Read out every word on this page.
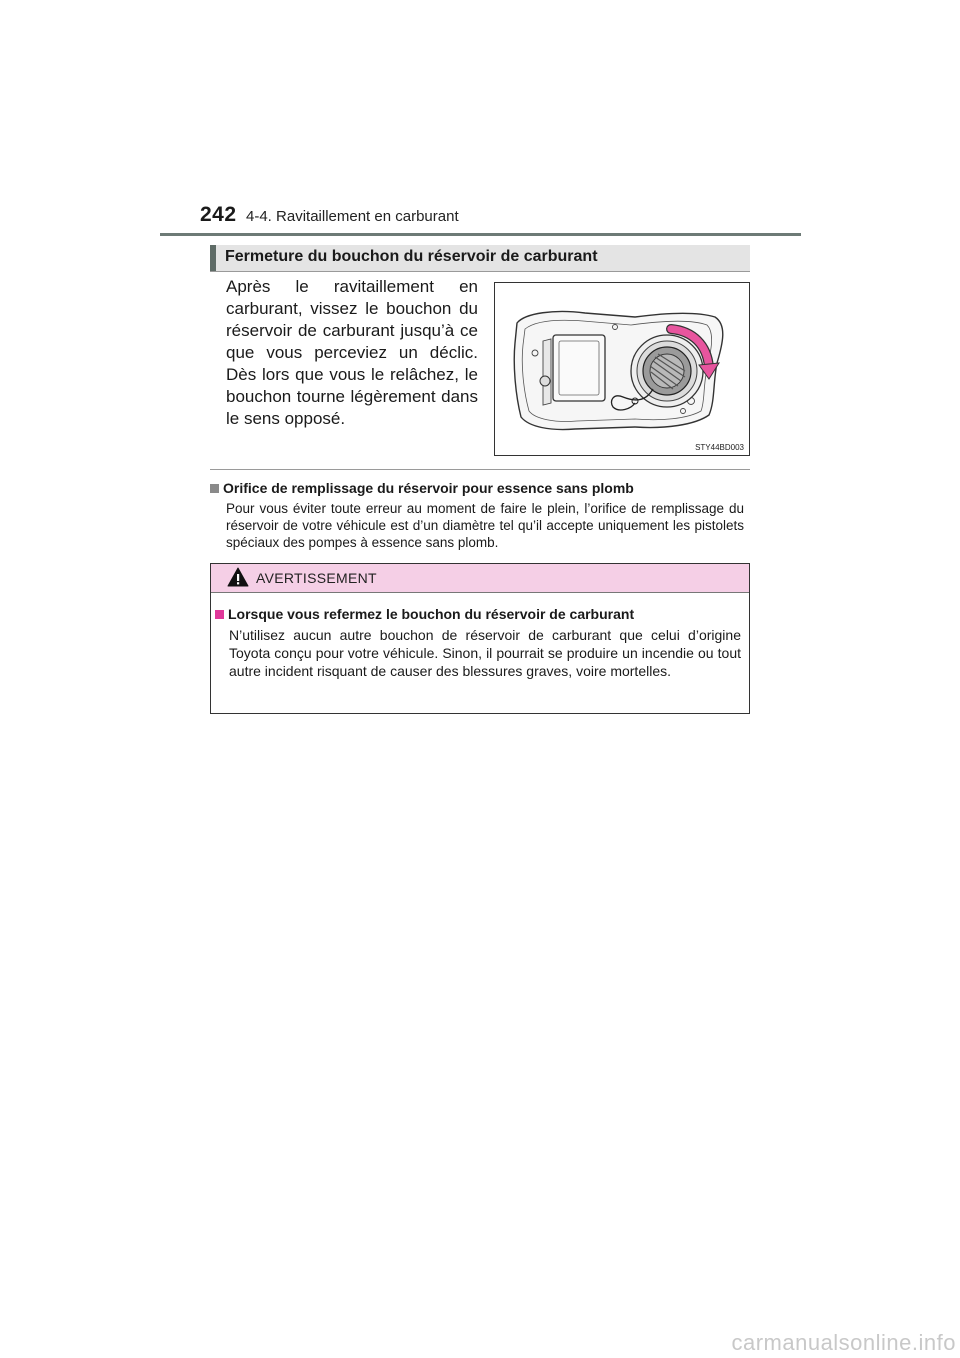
242 4-4. Ravitaillement en carburant
Fermeture du bouchon du réservoir de carburant
Après le ravitaillement en carburant, vissez le bouchon du réservoir de carburant jusqu’à ce que vous perceviez un déclic. Dès lors que vous le relâchez, le bouchon tourne légèrement dans le sens opposé.
STY44BD003
Orifice de remplissage du réservoir pour essence sans plomb
Pour vous éviter toute erreur au moment de faire le plein, l’orifice de remplissage du réservoir de votre véhicule est d’un diamètre tel qu’il accepte uniquement les pistolets spéciaux des pompes à essence sans plomb.
AVERTISSEMENT
Lorsque vous refermez le bouchon du réservoir de carburant
N’utilisez aucun autre bouchon de réservoir de carburant que celui d’origine Toyota conçu pour votre véhicule. Sinon, il pourrait se produire un incendie ou tout autre incident risquant de causer des blessures graves, voire mortelles.
carmanualsonline.info
